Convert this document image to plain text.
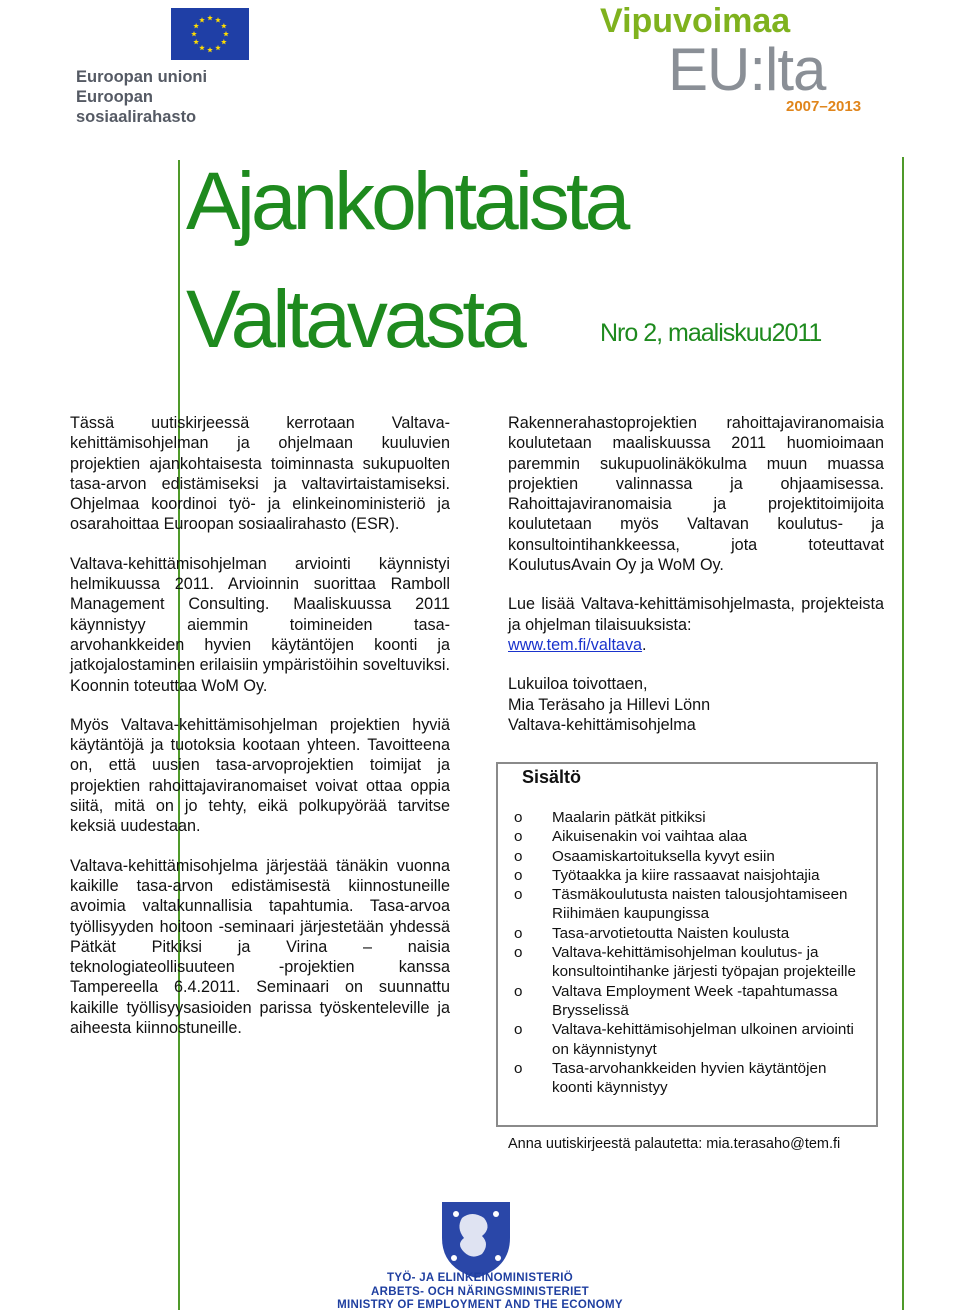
Euroopan unioni
Euroopan sosiaalirahasto
Vipuvoimaa
EU:lta
2007–2013
Ajankohtaista
Valtavasta	Nro 2, maaliskuu2011

Tässä uutiskirjeessä kerrotaan Valtava-kehittämisohjelman ja ohjelmaan kuuluvien projektien ajankohtaisesta toiminnasta sukupuolten tasa-arvon edistämiseksi ja valtavirtaistamiseksi. Ohjelmaa koordinoi työ- ja elinkeinoministeriö ja osarahoittaa Euroopan sosiaalirahasto (ESR).

Valtava-kehittämisohjelman arviointi käynnistyi helmikuussa 2011. Arvioinnin suorittaa Ramboll Management Consulting. Maaliskuussa 2011 käynnistyy aiemmin toimineiden tasa-arvohankkeiden hyvien käytäntöjen koonti ja jatkojalostaminen erilaisiin ympäristöihin soveltuviksi. Koonnin toteuttaa WoM Oy.

Myös Valtava-kehittämisohjelman projektien hyviä käytäntöjä ja tuotoksia kootaan yhteen. Tavoitteena on, että uusien tasa-arvoprojektien toimijat ja projektien rahoittajaviranomaiset voivat ottaa oppia siitä, mitä on jo tehty, eikä polkupyörää tarvitse keksiä uudestaan.

Valtava-kehittämisohjelma järjestää tänäkin vuonna kaikille tasa-arvon edistämisestä kiinnostuneille avoimia valtakunnallisia tapahtumia. Tasa-arvoa työllisyyden hoitoon -seminaari järjestetään yhdessä Pätkät Pitkiksi ja Virina – naisia teknologiateollisuuteen -projektien kanssa Tampereella 6.4.2011. Seminaari on suunnattu kaikille työllisyysasioiden parissa työskenteleville ja aiheesta kiinnostuneille.

Rakennerahastoprojektien rahoittajaviranomaisia koulutetaan maaliskuussa 2011 huomioimaan paremmin sukupuolinäkökulma muun muassa projektien valinnassa ja ohjaamisessa. Rahoittajaviranomaisia ja projektitoimijoita koulutetaan myös Valtavan koulutus- ja konsultointihankkeessa, jota toteuttavat KoulutusAvain Oy ja WoM Oy.

Lue lisää Valtava-kehittämisohjelmasta, projekteista ja ohjelman tilaisuuksista:
www.tem.fi/valtava.

Lukuiloa toivottaen,
Mia Teräsaho ja Hillevi Lönn
Valtava-kehittämisohjelma

Sisältö
o Maalarin pätkät pitkiksi
o Aikuisenakin voi vaihtaa alaa
o Osaamiskartoituksella kyvyt esiin
o Työtaakka ja kiire rassaavat naisjohtajia
o Täsmäkoulutusta naisten talousjohtamiseen Riihimäen kaupungissa
o Tasa-arvotietoutta Naisten koulusta
o Valtava-kehittämisohjelman koulutus- ja konsultointihanke järjesti työpajan projekteille
o Valtava Employment Week -tapahtumassa Brysselissä
o Valtava-kehittämisohjelman ulkoinen arviointi on käynnistynyt
o Tasa-arvohankkeiden hyvien käytäntöjen koonti käynnistyy
Anna uutiskirjeestä palautetta: mia.terasaho@tem.fi
TYÖ- JA ELINKEINOMINISTERIÖ
ARBETS- OCH NÄRINGSMINISTERIET
MINISTRY OF EMPLOYMENT AND THE ECONOMY
